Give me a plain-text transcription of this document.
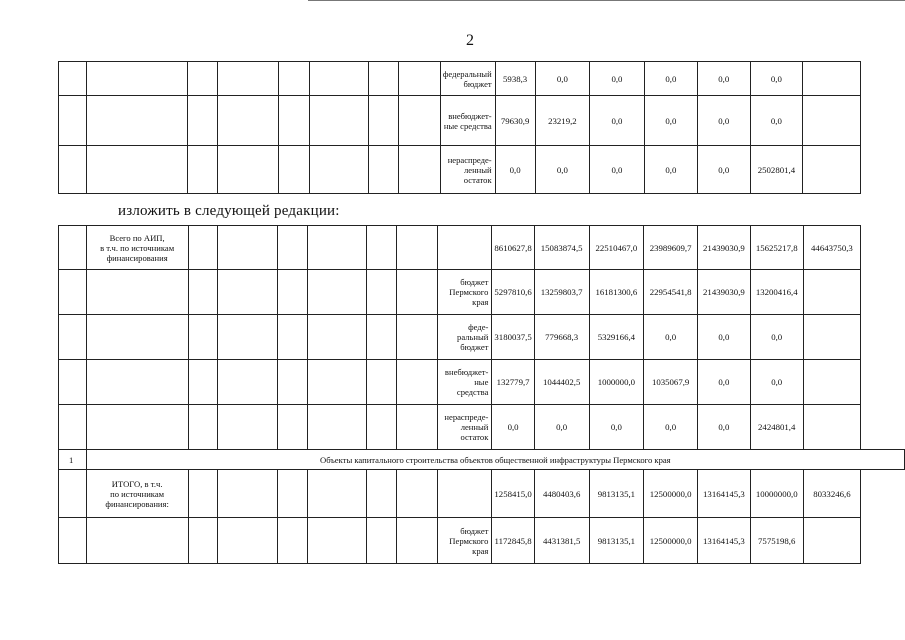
2

								федеральный
бюджет	5938,3	0,0	0,0	0,0	0,0	0,0	

								внебюджет-
ные средства	79630,9	23219,2	0,0	0,0	0,0	0,0	

								нераспреде-
ленный
остаток	0,0	0,0	0,0	0,0	0,0	2502801,4	
изложить в следующей редакции:

	Всего по АИП,
в т.ч. по источникам
финансирования								8610627,8	15083874,5	22510467,0	23989609,7	21439030,9	15625217,8	44643750,3

								бюджет
Пермского
края	5297810,6	13259803,7	16181300,6	22954541,8	21439030,9	13200416,4	

								феде-
ральный
бюджет	3180037,5	779668,3	5329166,4	0,0	0,0	0,0	

								внебюджет-
ные
средства	132779,7	1044402,5	1000000,0	1035067,9	0,0	0,0	

								нераспреде-
ленный
остаток	0,0	0,0	0,0	0,0	0,0	2424801,4	
1	Объекты капитального строительства объектов общественной инфраструктуры Пермского края														

	ИТОГО, в т.ч.
по источникам
финансирования:								1258415,0	4480403,6	9813135,1	12500000,0	13164145,3	10000000,0	8033246,6

								бюджет
Пермского
края	1172845,8	4431381,5	9813135,1	12500000,0	13164145,3	7575198,6	
